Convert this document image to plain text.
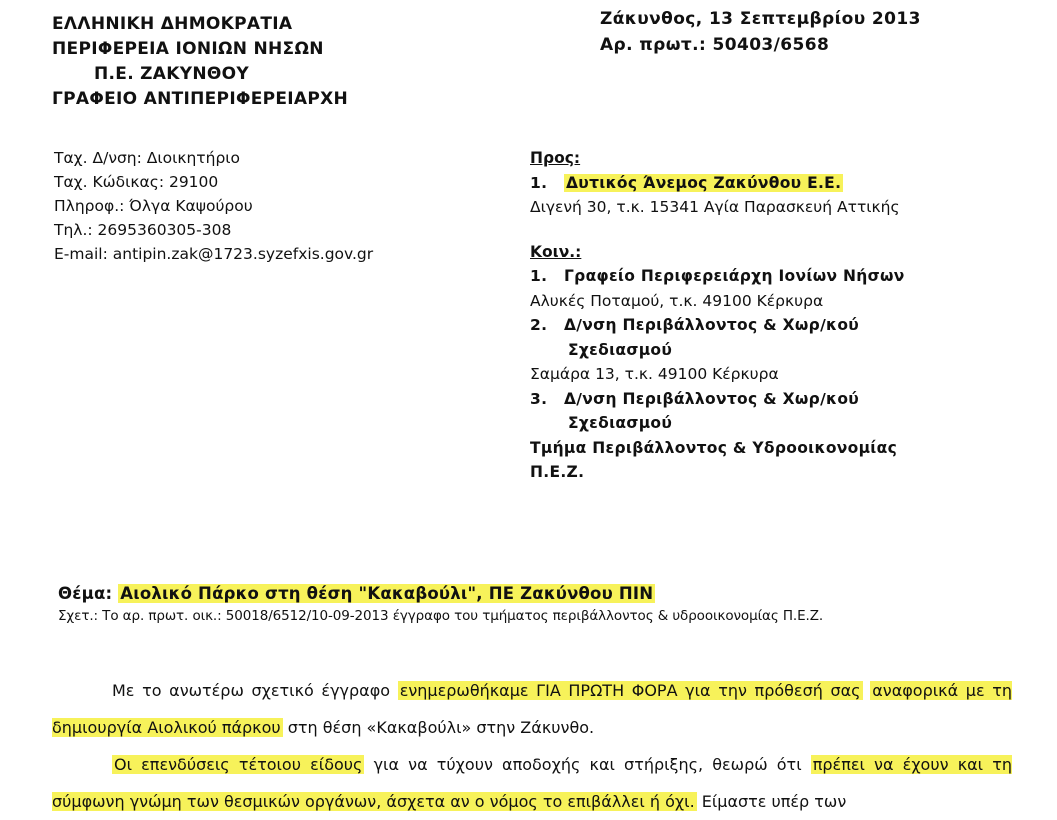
ΕΛΛΗΝΙΚΗ ΔΗΜΟΚΡΑΤΙΑ
ΠΕΡΙΦΕΡΕΙΑ ΙΟΝΙΩΝ ΝΗΣΩΝ
Π.Ε. ΖΑΚΥΝΘΟΥ
ΓΡΑΦΕΙΟ ΑΝΤΙΠΕΡΙΦΕΡΕΙΑΡΧΗ
Ζάκυνθος, 13 Σεπτεμβρίου 2013
Αρ. πρωτ.: 50403/6568
Ταχ. Δ/νση: Διοικητήριο
Ταχ. Κώδικας: 29100
Πληροφ.: Όλγα Καψούρου
Τηλ.: 2695360305-308
E-mail: antipin.zak@1723.syzefxis.gov.gr
Προς:
1. Δυτικός Άνεμος Ζακύνθου Ε.Ε.
Διγενή 30, τ.κ. 15341 Αγία Παρασκευή Αττικής
Κοιν.:
1. Γραφείο Περιφερειάρχη Ιονίων Νήσων
Αλυκές Ποταμού, τ.κ. 49100 Κέρκυρα
2. Δ/νση Περιβάλλοντος & Χωρ/κού
Σχεδιασμού
Σαμάρα 13, τ.κ. 49100 Κέρκυρα
3. Δ/νση Περιβάλλοντος & Χωρ/κού
Σχεδιασμού
Τμήμα Περιβάλλοντος & Υδροοικονομίας
Π.Ε.Ζ.
Θέμα: Αιολικό Πάρκο στη θέση "Κακαβούλι", ΠΕ Ζακύνθου ΠΙΝ
Σχετ.: Το αρ. πρωτ. οικ.: 50018/6512/10-09-2013 έγγραφο του τμήματος περιβάλλοντος & υδροοικονομίας Π.Ε.Ζ.

Με το ανωτέρω σχετικό έγγραφο ενημερωθήκαμε ΓΙΑ ΠΡΩΤΗ ΦΟΡΑ για την πρόθεσή σας αναφορικά με τη δημιουργία Αιολικού πάρκου στη θέση «Κακαβούλι» στην Ζάκυνθο.

Οι επενδύσεις τέτοιου είδους για να τύχουν αποδοχής και στήριξης, θεωρώ ότι πρέπει να έχουν και τη σύμφωνη γνώμη των θεσμικών οργάνων, άσχετα αν ο νόμος το επιβάλλει ή όχι. Είμαστε υπέρ των
